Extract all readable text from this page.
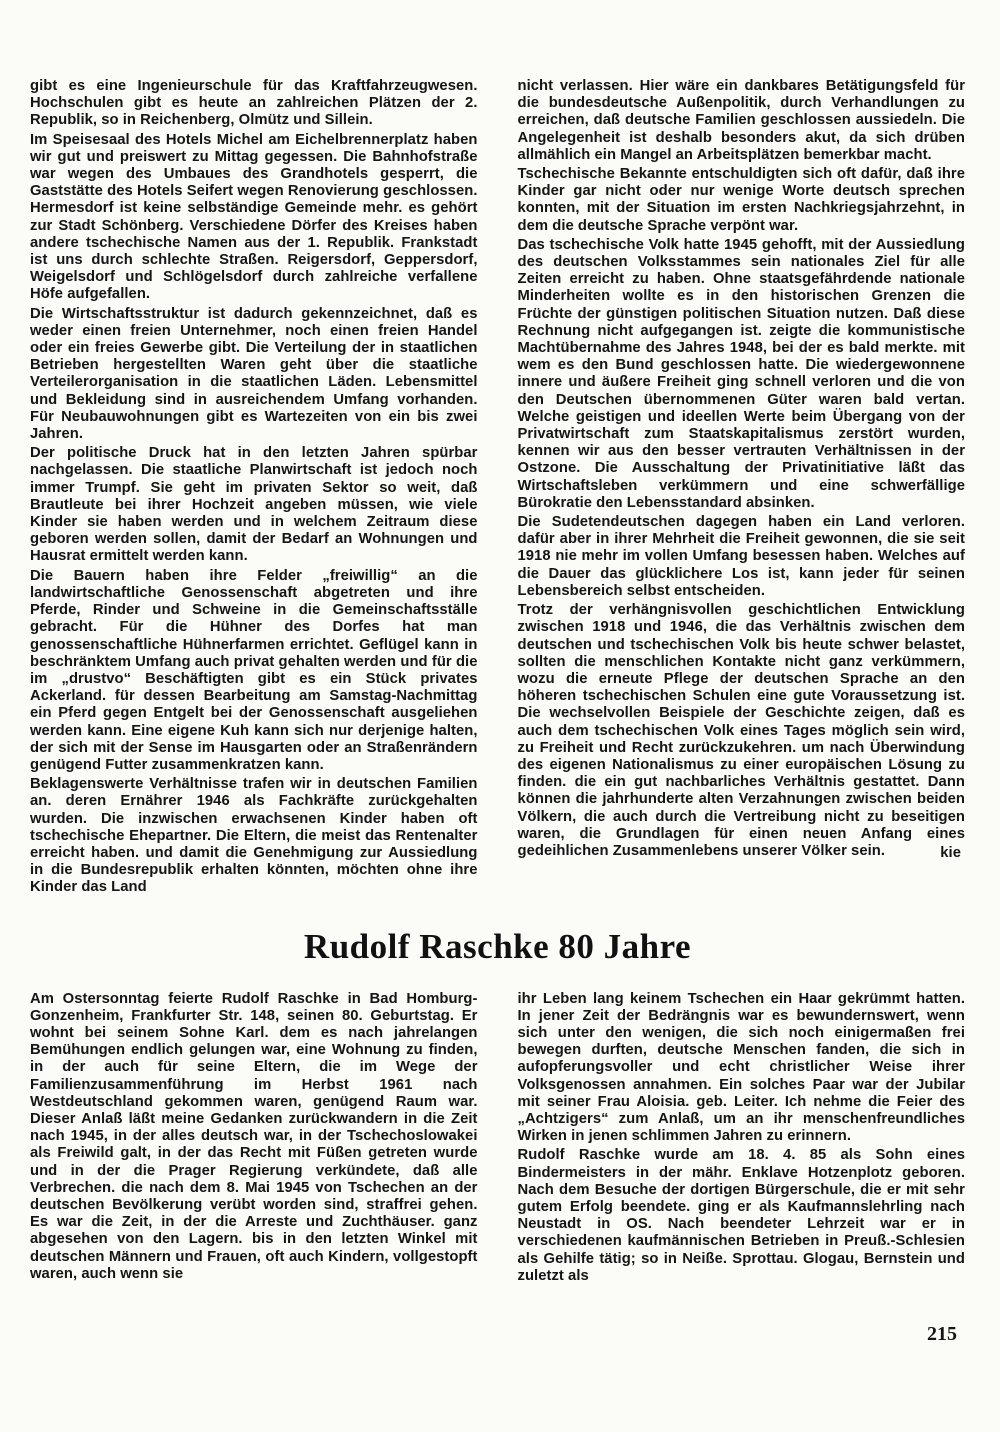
gibt es eine Ingenieurschule für das Kraftfahrzeugwesen. Hochschulen gibt es heute an zahlreichen Plätzen der 2. Republik, so in Reichenberg, Olmütz und Sillein.

Im Speisesaal des Hotels Michel am Eichelbrennerplatz haben wir gut und preiswert zu Mittag gegessen. Die Bahnhofstraße war wegen des Umbaues des Grandhotels gesperrt, die Gaststätte des Hotels Seifert wegen Renovierung geschlossen. Hermesdorf ist keine selbständige Gemeinde mehr. es gehört zur Stadt Schönberg. Verschiedene Dörfer des Kreises haben andere tschechische Namen aus der 1. Republik. Frankstadt ist uns durch schlechte Straßen. Reigersdorf, Geppersdorf, Weigelsdorf und Schlögelsdorf durch zahlreiche verfallene Höfe aufgefallen.

Die Wirtschaftsstruktur ist dadurch gekennzeichnet, daß es weder einen freien Unternehmer, noch einen freien Handel oder ein freies Gewerbe gibt. Die Verteilung der in staatlichen Betrieben hergestellten Waren geht über die staatliche Verteilerorganisation in die staatlichen Läden. Lebensmittel und Bekleidung sind in ausreichendem Umfang vorhanden. Für Neubauwohnungen gibt es Wartezeiten von ein bis zwei Jahren.

Der politische Druck hat in den letzten Jahren spürbar nachgelassen. Die staatliche Planwirtschaft ist jedoch noch immer Trumpf. Sie geht im privaten Sektor so weit, daß Brautleute bei ihrer Hochzeit angeben müssen, wie viele Kinder sie haben werden und in welchem Zeitraum diese geboren werden sollen, damit der Bedarf an Wohnungen und Hausrat ermittelt werden kann.

Die Bauern haben ihre Felder „freiwillig“ an die landwirtschaftliche Genossenschaft abgetreten und ihre Pferde, Rinder und Schweine in die Gemeinschaftsställe gebracht. Für die Hühner des Dorfes hat man genossenschaftliche Hühnerfarmen errichtet. Geflügel kann in beschränktem Umfang auch privat gehalten werden und für die im „drustvo“ Beschäftigten gibt es ein Stück privates Ackerland. für dessen Bearbeitung am Samstag-Nachmittag ein Pferd gegen Entgelt bei der Genossenschaft ausgeliehen werden kann. Eine eigene Kuh kann sich nur derjenige halten, der sich mit der Sense im Hausgarten oder an Straßenrändern genügend Futter zusammenkratzen kann.

Beklagenswerte Verhältnisse trafen wir in deutschen Familien an. deren Ernährer 1946 als Fachkräfte zurückgehalten wurden. Die inzwischen erwachsenen Kinder haben oft tschechische Ehepartner. Die Eltern, die meist das Rentenalter erreicht haben. und damit die Genehmigung zur Aussiedlung in die Bundesrepublik erhalten könnten, möchten ohne ihre Kinder das Land

nicht verlassen. Hier wäre ein dankbares Betätigungsfeld für die bundesdeutsche Außenpolitik, durch Verhandlungen zu erreichen, daß deutsche Familien geschlossen aussiedeln. Die Angelegenheit ist deshalb besonders akut, da sich drüben allmählich ein Mangel an Arbeitsplätzen bemerkbar macht.

Tschechische Bekannte entschuldigten sich oft dafür, daß ihre Kinder gar nicht oder nur wenige Worte deutsch sprechen konnten, mit der Situation im ersten Nachkriegsjahrzehnt, in dem die deutsche Sprache verpönt war.

Das tschechische Volk hatte 1945 gehofft, mit der Aussiedlung des deutschen Volksstammes sein nationales Ziel für alle Zeiten erreicht zu haben. Ohne staatsgefährdende nationale Minderheiten wollte es in den historischen Grenzen die Früchte der günstigen politischen Situation nutzen. Daß diese Rechnung nicht aufgegangen ist. zeigte die kommunistische Machtübernahme des Jahres 1948, bei der es bald merkte. mit wem es den Bund geschlossen hatte. Die wiedergewonnene innere und äußere Freiheit ging schnell verloren und die von den Deutschen übernommenen Güter waren bald vertan. Welche geistigen und ideellen Werte beim Übergang von der Privatwirtschaft zum Staatskapitalismus zerstört wurden, kennen wir aus den besser vertrauten Verhältnissen in der Ostzone. Die Ausschaltung der Privatinitiative läßt das Wirtschaftsleben verkümmern und eine schwerfällige Bürokratie den Lebensstandard absinken.

Die Sudetendeutschen dagegen haben ein Land verloren. dafür aber in ihrer Mehrheit die Freiheit gewonnen, die sie seit 1918 nie mehr im vollen Umfang besessen haben. Welches auf die Dauer das glücklichere Los ist, kann jeder für seinen Lebensbereich selbst entscheiden.

Trotz der verhängnisvollen geschichtlichen Entwicklung zwischen 1918 und 1946, die das Verhältnis zwischen dem deutschen und tschechischen Volk bis heute schwer belastet, sollten die menschlichen Kontakte nicht ganz verkümmern, wozu die erneute Pflege der deutschen Sprache an den höheren tschechischen Schulen eine gute Voraussetzung ist. Die wechselvollen Beispiele der Geschichte zeigen, daß es auch dem tschechischen Volk eines Tages möglich sein wird, zu Freiheit und Recht zurückzukehren. um nach Überwindung des eigenen Nationalismus zu einer europäischen Lösung zu finden. die ein gut nachbarliches Verhältnis gestattet. Dann können die jahrhunderte alten Verzahnungen zwischen beiden Völkern, die auch durch die Vertreibung nicht zu beseitigen waren, die Grundlagen für einen neuen Anfang eines gedeihlichen Zusammenlebens unserer Völker sein.	kie
Rudolf Raschke 80 Jahre

Am Ostersonntag feierte Rudolf Raschke in Bad Homburg-Gonzenheim, Frankfurter Str. 148, seinen 80. Geburtstag. Er wohnt bei seinem Sohne Karl. dem es nach jahrelangen Bemühungen endlich gelungen war, eine Wohnung zu finden, in der auch für seine Eltern, die im Wege der Familienzusammenführung im Herbst 1961 nach Westdeutschland gekommen waren, genügend Raum war. Dieser Anlaß läßt meine Gedanken zurückwandern in die Zeit nach 1945, in der alles deutsch war, in der Tschechoslowakei als Freiwild galt, in der das Recht mit Füßen getreten wurde und in der die Prager Regierung verkündete, daß alle Verbrechen. die nach dem 8. Mai 1945 von Tschechen an der deutschen Bevölkerung verübt worden sind, straffrei gehen. Es war die Zeit, in der die Arreste und Zuchthäuser. ganz abgesehen von den Lagern. bis in den letzten Winkel mit deutschen Männern und Frauen, oft auch Kindern, vollgestopft waren, auch wenn sie

ihr Leben lang keinem Tschechen ein Haar gekrümmt hatten. In jener Zeit der Bedrängnis war es bewundernswert, wenn sich unter den wenigen, die sich noch einigermaßen frei bewegen durften, deutsche Menschen fanden, die sich in aufopferungsvoller und echt christlicher Weise ihrer Volksgenossen annahmen. Ein solches Paar war der Jubilar mit seiner Frau Aloisia. geb. Leiter. Ich nehme die Feier des „Achtzigers“ zum Anlaß, um an ihr menschenfreundliches Wirken in jenen schlimmen Jahren zu erinnern.

Rudolf Raschke wurde am 18. 4. 85 als Sohn eines Bindermeisters in der mähr. Enklave Hotzenplotz geboren. Nach dem Besuche der dortigen Bürgerschule, die er mit sehr gutem Erfolg beendete. ging er als Kaufmannslehrling nach Neustadt in OS. Nach beendeter Lehrzeit war er in verschiedenen kaufmännischen Betrieben in Preuß.-Schlesien als Gehilfe tätig; so in Neiße. Sprottau. Glogau, Bernstein und zuletzt als

215
